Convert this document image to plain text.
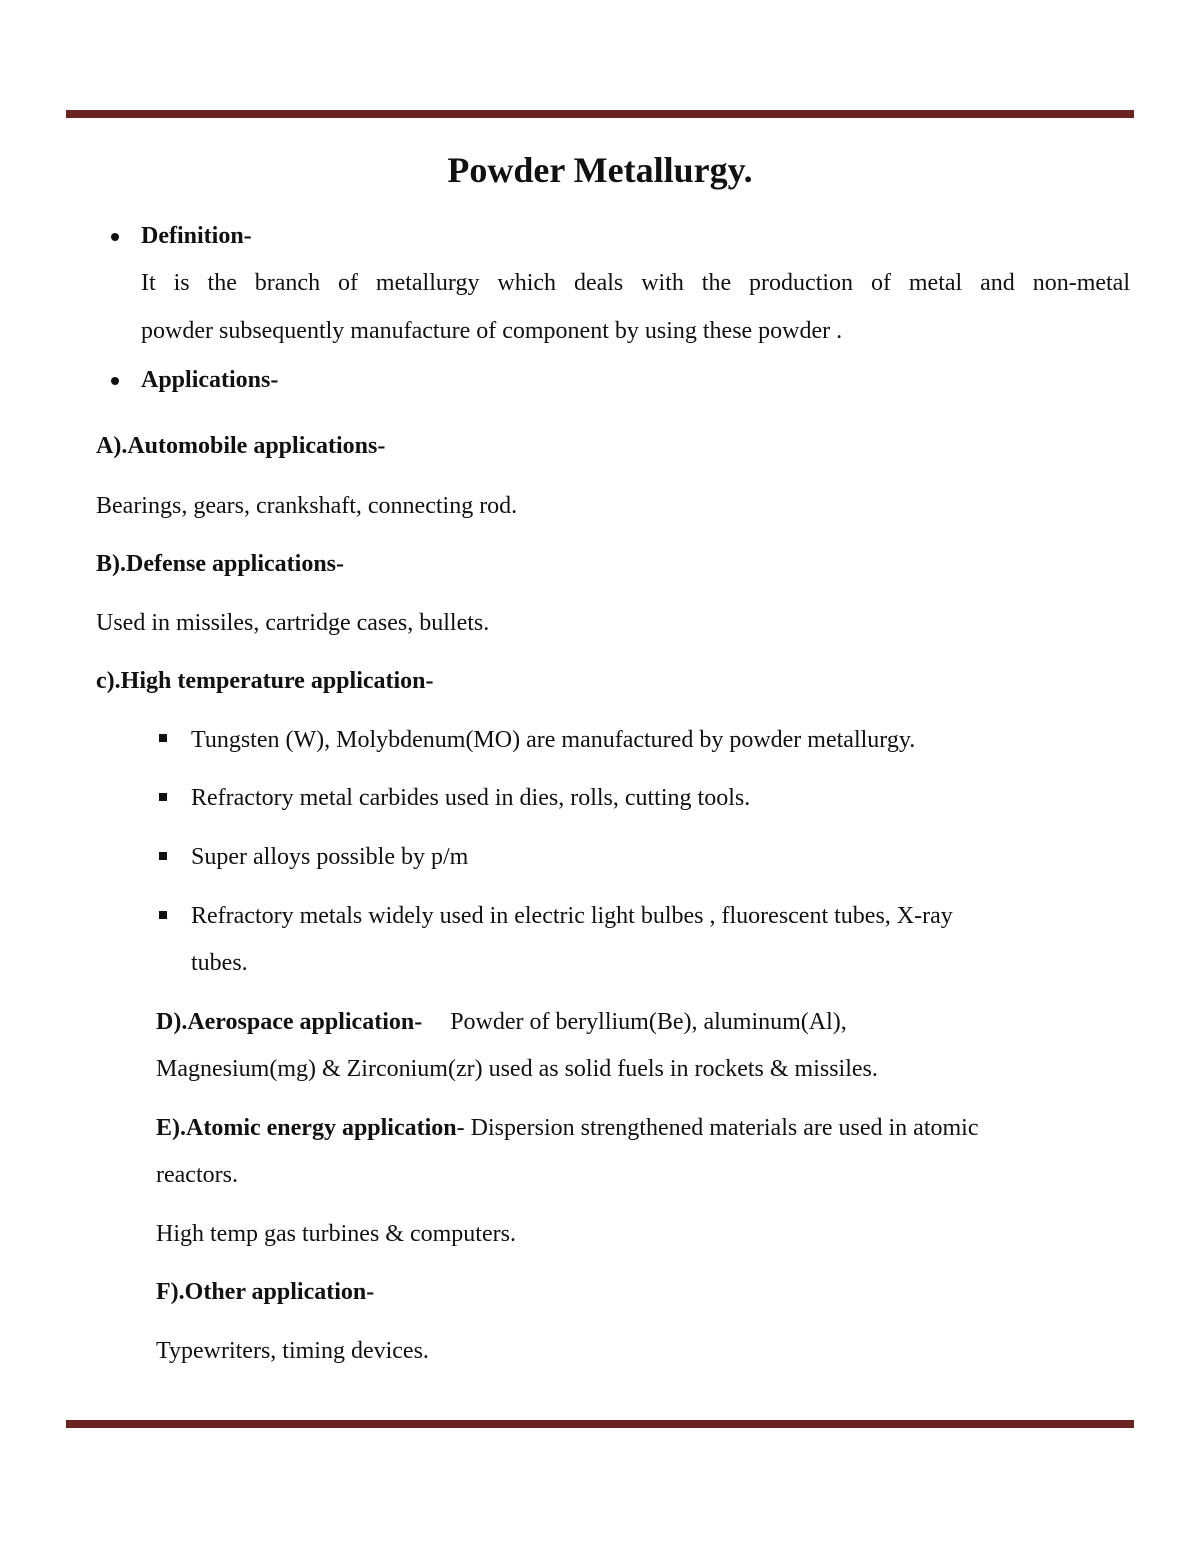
Powder Metallurgy.
Definition-
It is the branch of metallurgy which deals with the production of metal and non-metal
powder subsequently manufacture of component by using these powder .
Applications-
A).Automobile applications-
Bearings, gears, crankshaft, connecting rod.
B).Defense applications-
Used in missiles, cartridge cases, bullets.
c).High temperature application-
Tungsten (W), Molybdenum(MO) are manufactured by powder metallurgy.
Refractory metal carbides used in dies, rolls, cutting tools.
Super alloys possible by p/m
Refractory metals widely used in electric light bulbes , fluorescent tubes, X-ray
tubes.
D).Aerospace application- Powder of beryllium(Be), aluminum(Al),
Magnesium(mg) & Zirconium(zr) used as solid fuels in rockets & missiles.
E).Atomic energy application- Dispersion strengthened materials are used in atomic
reactors.
High temp gas turbines & computers.
F).Other application-
Typewriters, timing devices.
